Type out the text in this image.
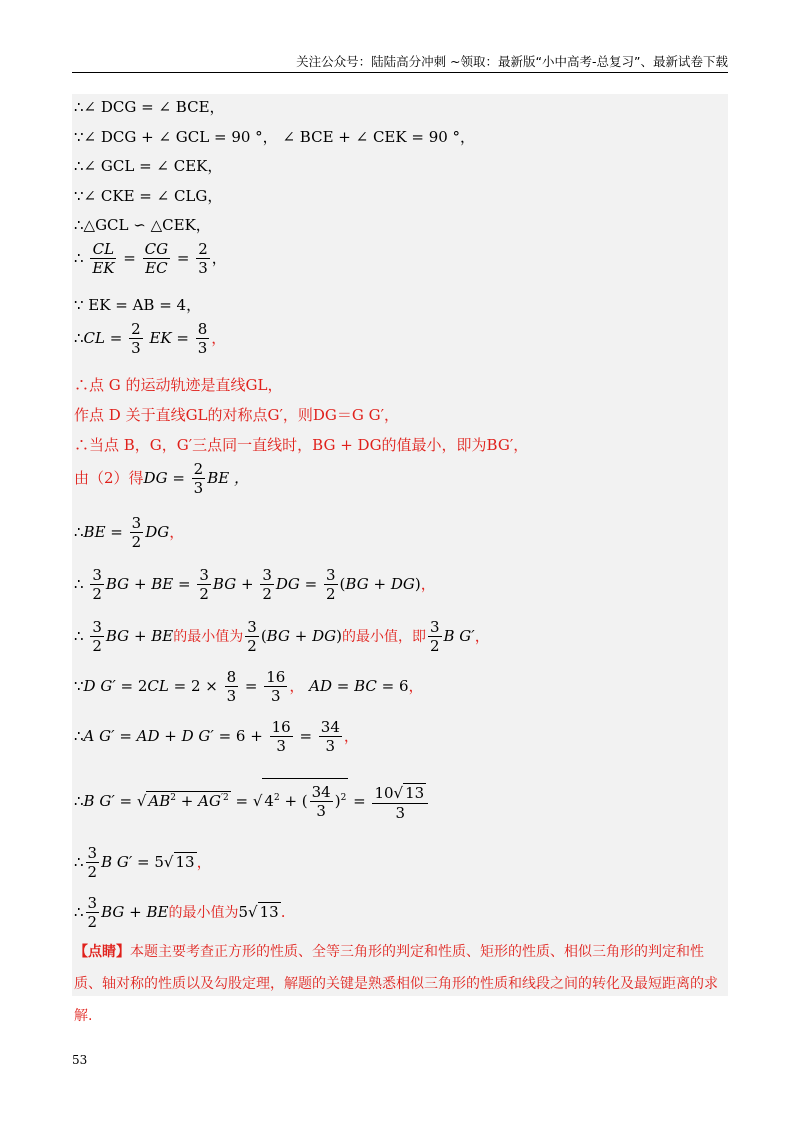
关注公众号：陆陆高分冲刺 ~领取：最新版“小中高考-总复习”、最新试卷下载
∴∠ DCG = ∠ BCE，
∵∠ DCG + ∠ GCL = 90 °， ∠ BCE + ∠ CEK = 90 °，
∴∠ GCL = ∠ CEK，
∵∠ CKE = ∠ CLG，
∴△GCL ∽ △CEK，
∴ $\frac{CL}{EK} = \frac{CG}{EC} = \frac{2}{3}$ ，
∵ EK = AB = 4，
∴CL = $\frac{2}{3}$ EK = $\frac{8}{3}$ ，
∴点 G 的运动轨迹是直线GL，
作点 D 关于直线GL的对称点G′，则DG＝G G′，
∴当点 B，G，G′三点同一直线时，BG + DG的值最小，即为BG′，
由（2）得DG = $\frac{2}{3}$ BE ，
∴BE = $\frac{3}{2}$ DG，
∴ $\frac{3}{2}$ BG + BE = $\frac{3}{2}$ BG + $\frac{3}{2}$ DG = $\frac{3}{2} (BG + DG)$，
∴ $\frac{3}{2}$ BG + BE的最小值为 $\frac{3}{2} (BG + DG)$的最小值，即 $\frac{3}{2}$ B G′，
∵D $G' = 2CL = 2 \times \frac{8}{3} = \frac{16}{3}$ ， AD = BC = 6，
∴A G′ = AD + D $G' = 6 + \frac{16}{3} = \frac{34}{3}$ ，
∴B G′ = √ $AB^2 + AG^{'2}$ = √ $4^2$ + ( $\frac{34}{3} )^2 = \frac{10√ 13}{3}$
∴ $\frac{3}{2}$ B G′ = 5√ 13 ，
∴ $\frac{3}{2}$ BG + BE的最小值为5√ 13 .
【点睛】本题主要考查正方形的性质、全等三角形的判定和性质、矩形的性质、相似三角形的判定和性质、轴对称的性质以及勾股定理，解题的关键是熟悉相似三角形的性质和线段之间的转化及最短距离的求解.
53
